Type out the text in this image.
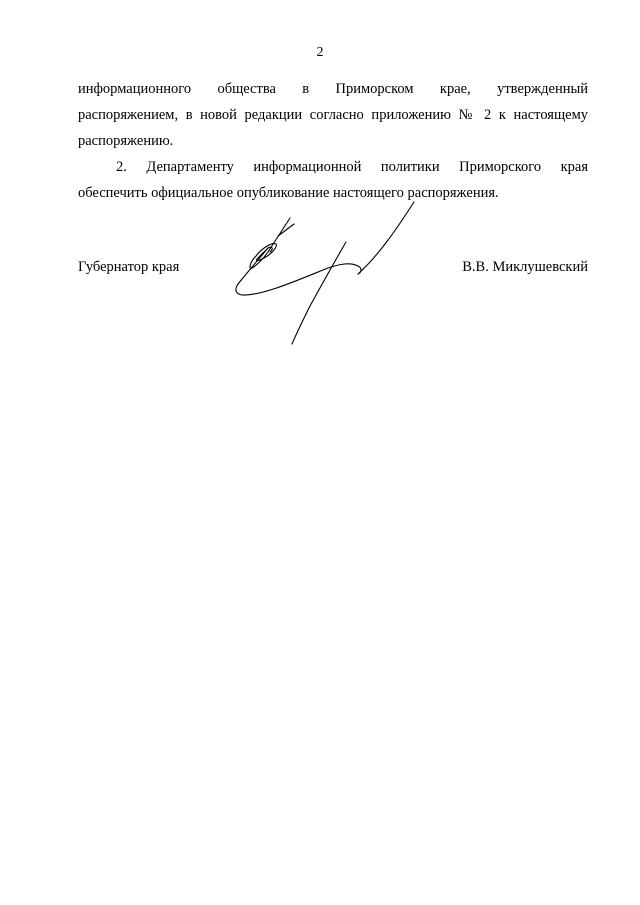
2

информационного общества в Приморском крае, утвержденный
распоряжением, в новой редакции согласно приложению № 2 к настоящему
распоряжению.

2. Департаменту информационной политики Приморского края
обеспечить официальное опубликование настоящего распоряжения.

Губернатор края	В.В. Миклушевский
